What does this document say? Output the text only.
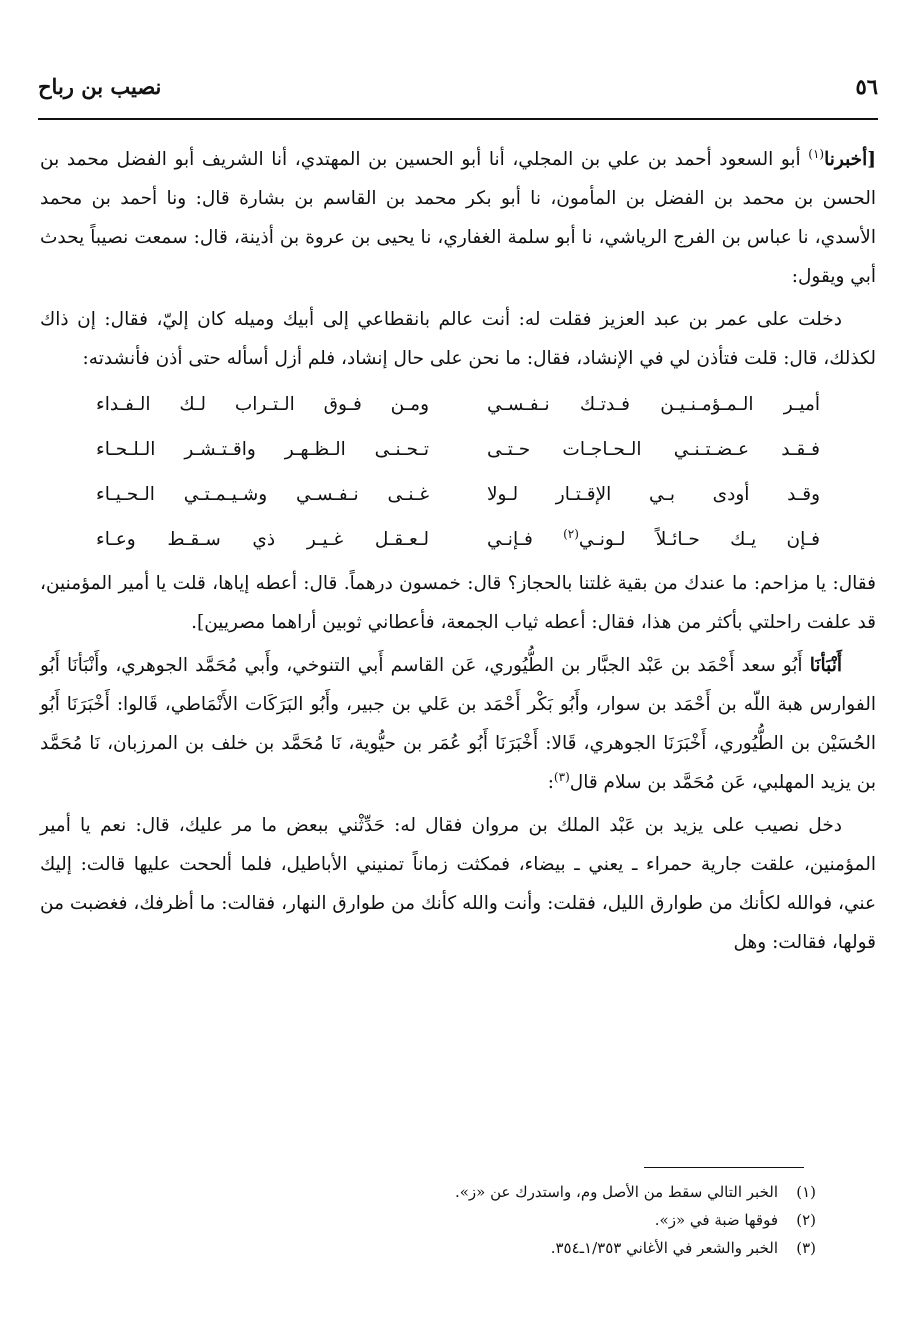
٥٦
نصيب بن رباح

[أخبرنا$^{(١)}$ أبو السعود أحمد بن علي بن المجلي، أنا أبو الحسين بن المهتدي، أنا الشريف أبو الفضل محمد بن الحسن بن محمد بن الفضل بن المأمون، نا أبو بكر محمد بن القاسم بن بشارة قال: ونا أحمد بن محمد الأسدي، نا عباس بن الفرج الرياشي، نا أبو سلمة الغفاري، نا يحيى بن عروة بن أذينة، قال: سمعت نصيباً يحدث أبي ويقول:

دخلت على عمر بن عبد العزيز فقلت له: أنت عالم بانقطاعي إلى أبيك وميله كان إليّ، فقال: إن ذاك لكذلك، قال: قلت فتأذن لي في الإنشاد، فقال: ما نحن على حال إنشاد، فلم أزل أسأله حتى أذن فأنشدته:

أميـر الـمـؤمـنـيـن فـدتـك نـفـسـي
ومـن فـوق الـتـراب لـك الـفـداء
فـقـد عـضـتـنـي الـحـاجـات حـتـى
تـحـنـى الـظـهـر واقـتـشـر الـلـحـاء
وقـد أودى بـي الإقـتـار لـولا
غـنـى نـفـسـي وشـيـمـتـي الـحـيـاء
فـإن يـك حـائـلاً لـونـي$^{(٢)}$ فـإنـي
لـعـقـل غـيـر ذي سـقـط وعـاء

فقال: يا مزاحم: ما عندك من بقية غلتنا بالحجاز؟ قال: خمسون درهماً. قال: أعطه إياها، قلت يا أمير المؤمنين، قد علفت راحلتي بأكثر من هذا، فقال: أعطه ثياب الجمعة، فأعطاني ثوبين أراهما مصريين].

أَنْبَأنَا أَبُو سعد أَحْمَد بن عَبْد الجبَّار بن الطُّيُوري، عَن القاسم أَبي التنوخي، وأَبي مُحَمَّد الجوهري، وأَنْبَأنَا أَبُو الفوارس هبة اللّه بن أَحْمَد بن سوار، وأَبُو بَكْر أَحْمَد بن عَلي بن جبير، وأَبُو البَرَكَات الأَنْمَاطي، قَالوا: أَخْبَرَنَا أَبُو الحُسَيْن بن الطُّيُوري، أَخْبَرَنَا الجوهري، قَالا: أَخْبَرَنَا أَبُو عُمَر بن حيُّوية، نَا مُحَمَّد بن خلف بن المرزبان، نَا مُحَمَّد بن يزيد المهلبي، عَن مُحَمَّد بن سلام قال$^{(٣)}$:

دخل نصيب على يزيد بن عَبْد الملك بن مروان فقال له: حَدِّثْني ببعض ما مر عليك، قال: نعم يا أمير المؤمنين، علقت جارية حمراء ـ يعني ـ بيضاء، فمكثت زماناً تمنيني الأباطيل، فلما ألححت عليها قالت: إليك عني، فوالله لكأنك من طوارق الليل، فقلت: وأنت والله كأنك من طوارق النهار، فقالت: ما أظرفك، فغضبت من قولها، فقالت: وهل

(١)
الخبر التالي سقط من الأصل وم، واستدرك عن «ز».
(٢)
فوقها ضبة في «ز».
(٣)
الخبر والشعر في الأغاني ١/٣٥٣ـ٣٥٤.
